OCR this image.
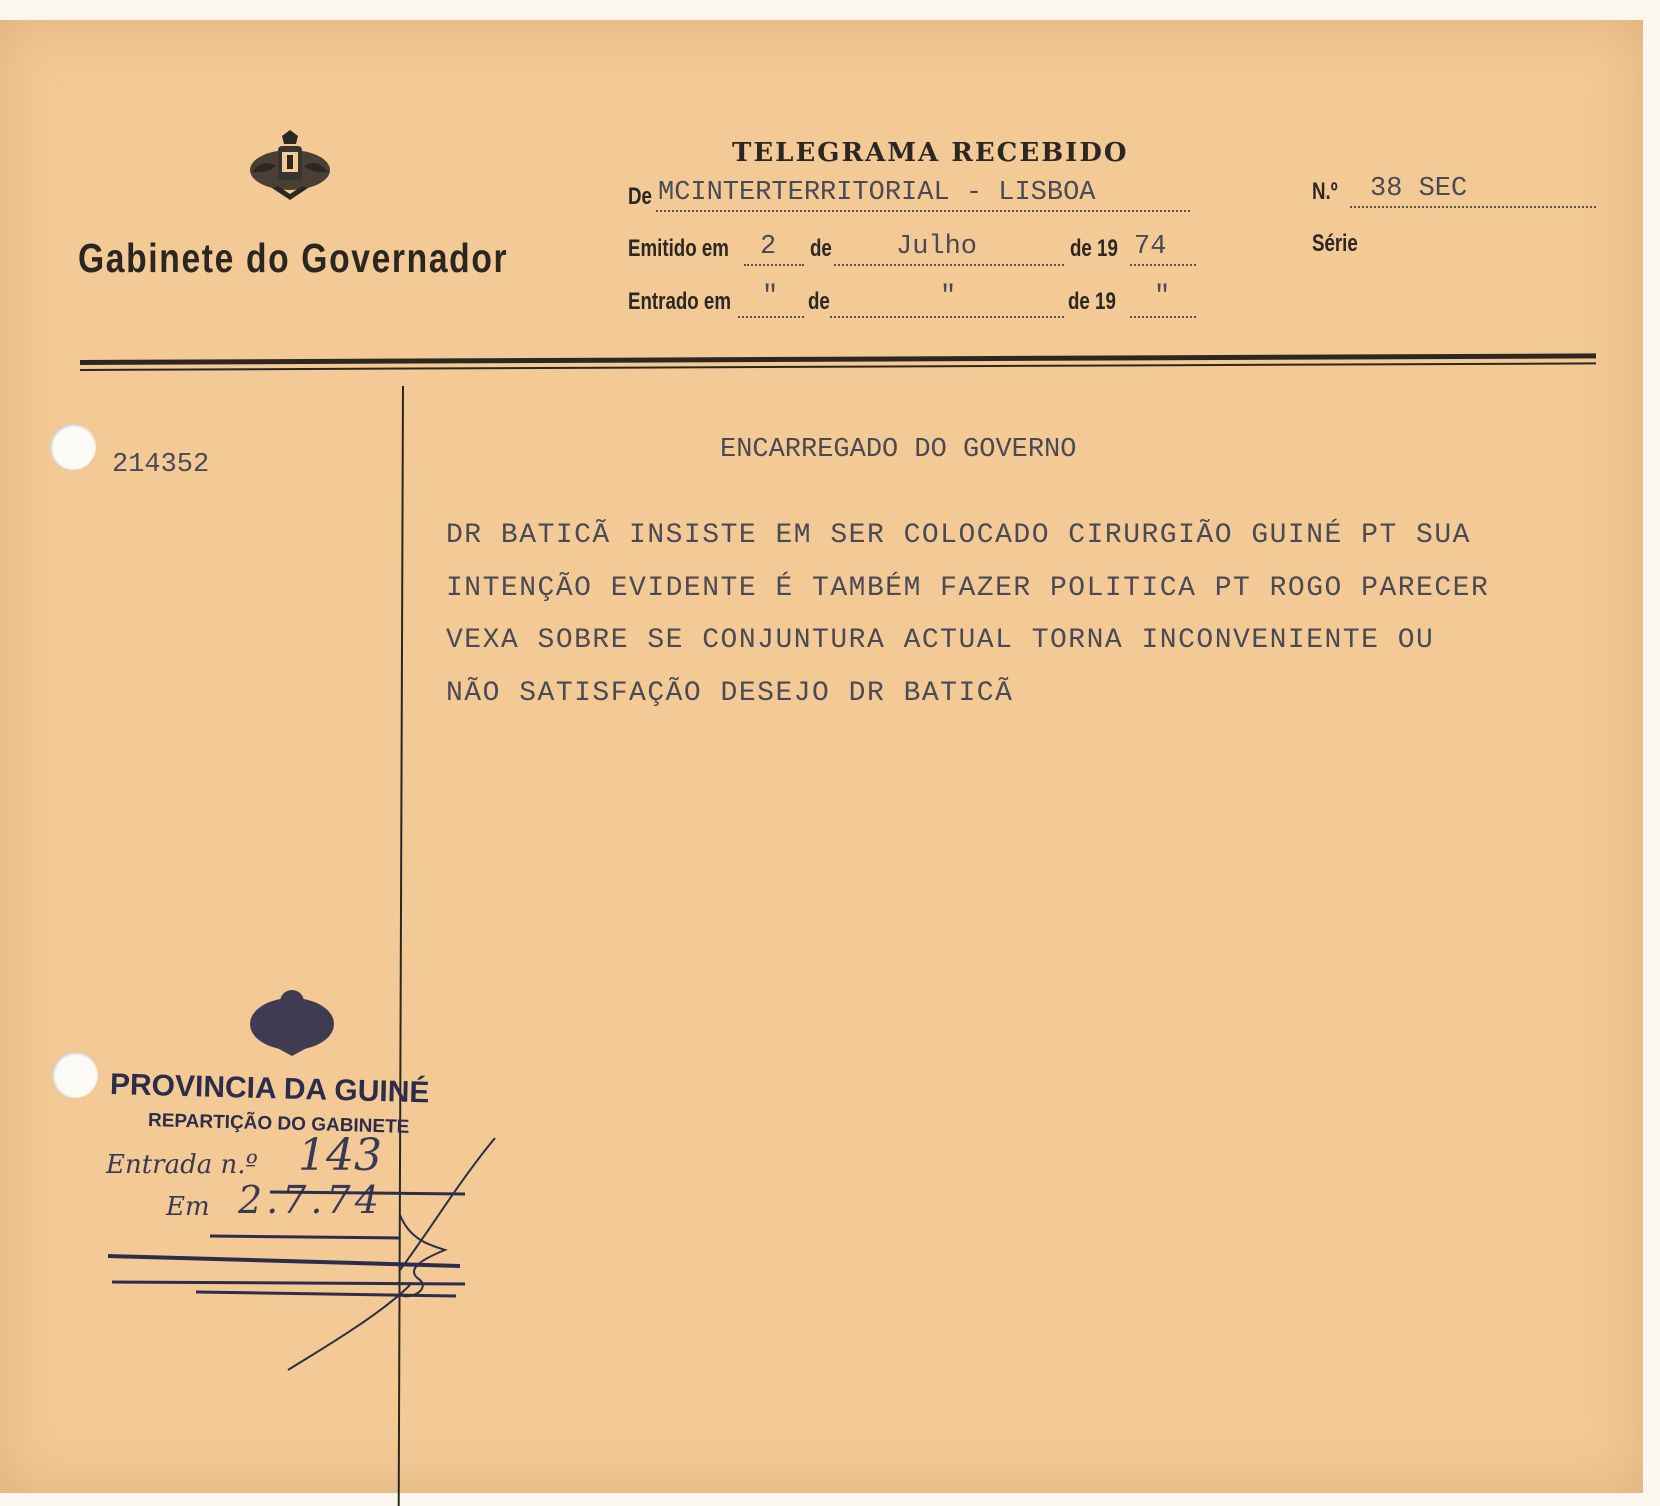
Gabinete do Governador
TELEGRAMA RECEBIDO
De MCINTERTERRITORIAL - LISBOA	N.º 38 SEC
Série
Emitido em 2 de Julho	de 19 74
Entrado em " de	"	de 19 "
214352	ENCARREGADO DO GOVERNO
DR BATICÃ INSISTE EM SER COLOCADO CIRURGIÃO GUINÉ PT SUA
INTENÇÃO EVIDENTE É TAMBÉM FAZER POLITICA PT ROGO PARECER
VEXA SOBRE SE CONJUNTURA ACTUAL TORNA INCONVENIENTE OU
NÃO SATISFAÇÃO DESEJO DR BATICÃ
PROVINCIA DA GUINÉ
REPARTIÇÃO DO GABINETE
Entrada n.º 143
Em 2.7.74
